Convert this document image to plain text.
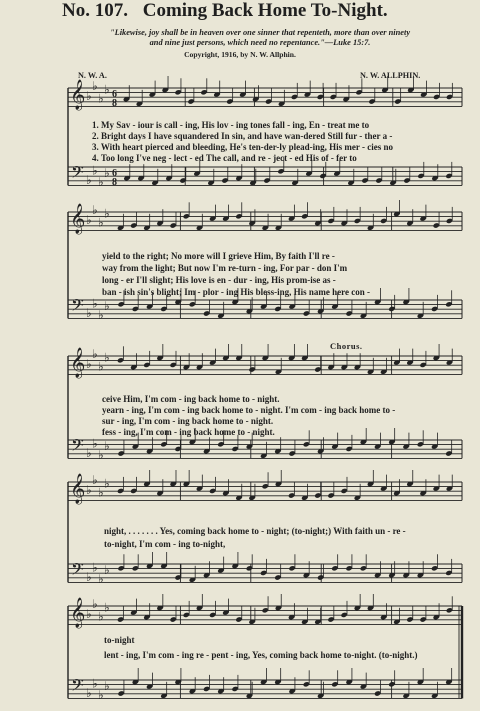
No. 107. Coming Back Home To-Night.
"Likewise, joy shall be in heaven over one sinner that repenteth, more than over ninety
and nine just persons, which need no repentance."—Luke 15:7.
Copyright, 1916, by N. W. Allphin.
N. W. A.	N. W. ALLPHIN.
Chorus.
1. My Sav - iour is call - ing, His lov - ing tones fall - ing, En - treat me to
2. Bright days I have squandered In sin, and have wan-dered Still fur - ther a -
3. With heart pierced and bleeding, He's ten-der-ly plead-ing, His mer - cies no
4. Too long I've neg - lect - ed The call, and re - ject - ed His of - fer to
yield to the right; No more will I grieve Him, By faith I'll re -
way from the light; But now I'm re-turn - ing, For par - don I'm
long - er I'll slight; His love is en - dur - ing, His prom-ise as -
ban - ish sin's blight; Im - plor - ing His bless-ing, His name here con -
ceive Him, I'm com - ing back home to - night.
yearn - ing, I'm com - ing back home to - night. I'm com - ing back home to -
sur - ing, I'm com - ing back home to - night.
fess - ing, I'm com - ing back home to - night.
night, . . . . . . . Yes, coming back home to - night; (to-night;) With faith un - re -
to-night, I'm com - ing to-night,
lent - ing, I'm com - ing re - pent - ing, Yes, coming back home to-night. (to-night.)
to-night
𝄞
𝄢
♭
♭
♭
♭
♭
♭
♭
♭
6
8
6
8
𝄞
𝄢
♭
♭
♭
♭
♭
♭
♭
♭
𝄞
𝄢
♭
♭
♭
♭
♭
♭
♭
♭
𝄞
𝄢
♭
♭
♭
♭
♭
♭
♭
♭
𝄞
𝄢
♭
♭
♭
♭
♭
♭
♭
♭
